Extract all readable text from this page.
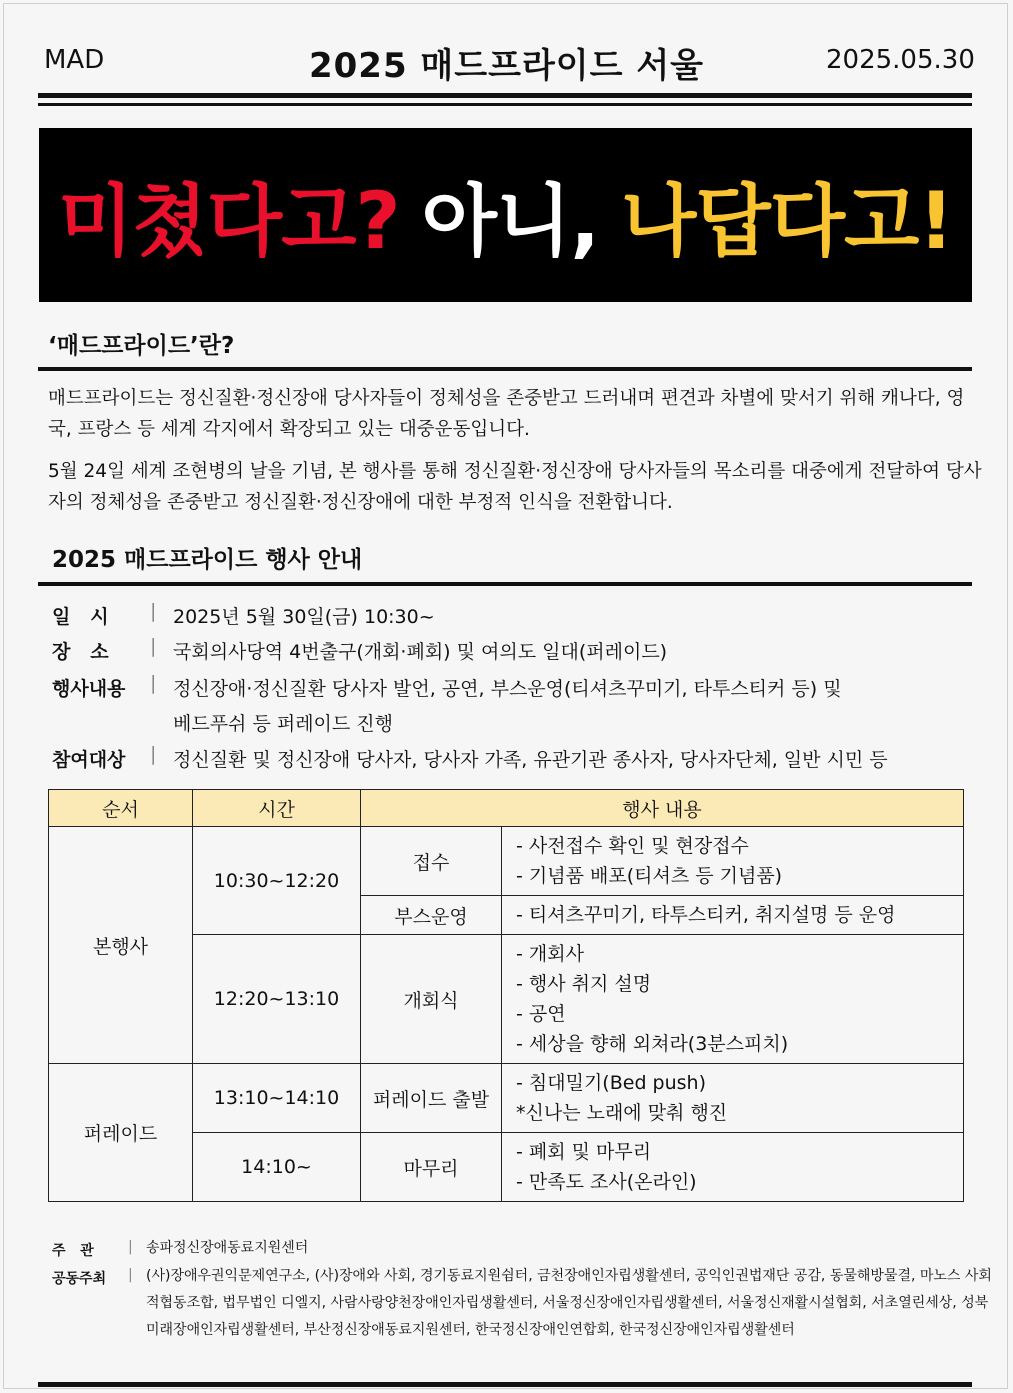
MAD	2025 매드프라이드 서울	2025.05.30
미쳤다고? 아니, 나답다고!
‘매드프라이드’란?
매드프라이드는 정신질환·정신장애 당사자들이 정체성을 존중받고 드러내며 편견과 차별에 맞서기 위해 캐나다, 영국, 프랑스 등 세계 각지에서 확장되고 있는 대중운동입니다.
5월 24일 세계 조현병의 날을 기념, 본 행사를 통해 정신질환·정신장애 당사자들의 목소리를 대중에게 전달하여 당사자의 정체성을 존중받고 정신질환·정신장애에 대한 부정적 인식을 전환합니다.
2025 매드프라이드 행사 안내
일   시	| 2025년 5월 30일(금) 10:30~
장   소	| 국회의사당역 4번출구(개회·폐회) 및 여의도 일대(퍼레이드)
행사내용	| 정신장애·정신질환 당사자 발언, 공연, 부스운영(티셔츠꾸미기, 타투스티커 등) 및
베드푸쉬 등 퍼레이드 진행
참여대상	| 정신질환 및 정신장애 당사자, 당사자 가족, 유관기관 종사자, 당사자단체, 일반 시민 등
순서	시간	행사 내용	
본행사	10:30~12:20	접수	- 사전접수 확인 및 현장접수
- 기념품 배포(티셔츠 등 기념품)

		부스운영	- 티셔츠꾸미기, 타투스티커, 취지설명 등 운영

	12:20~13:10	개회식	- 개회사
- 행사 취지 설명
- 공연
- 세상을 향해 외쳐라(3분스피치)

퍼레이드	13:10~14:10	퍼레이드 출발	- 침대밀기(Bed push)
*신나는 노래에 맞춰 행진

	14:10~	마무리	- 폐회 및 마무리
- 만족도 조사(온라인)
주   관 | 송파정신장애동료지원센터
공동주최 | (사)장애우권익문제연구소, (사)장애와 사회, 경기동료지원쉼터, 금천장애인자립생활센터, 공익인권법재단 공감, 동물해방물결, 마노스 사회적협동조합, 법무법인 디엘지, 사람사랑양천장애인자립생활센터, 서울정신장애인자립생활센터, 서울정신재활시설협회, 서초열린세상, 성북미래장애인자립생활센터, 부산정신장애동료지원센터, 한국정신장애인연합회, 한국정신장애인자립생활센터
